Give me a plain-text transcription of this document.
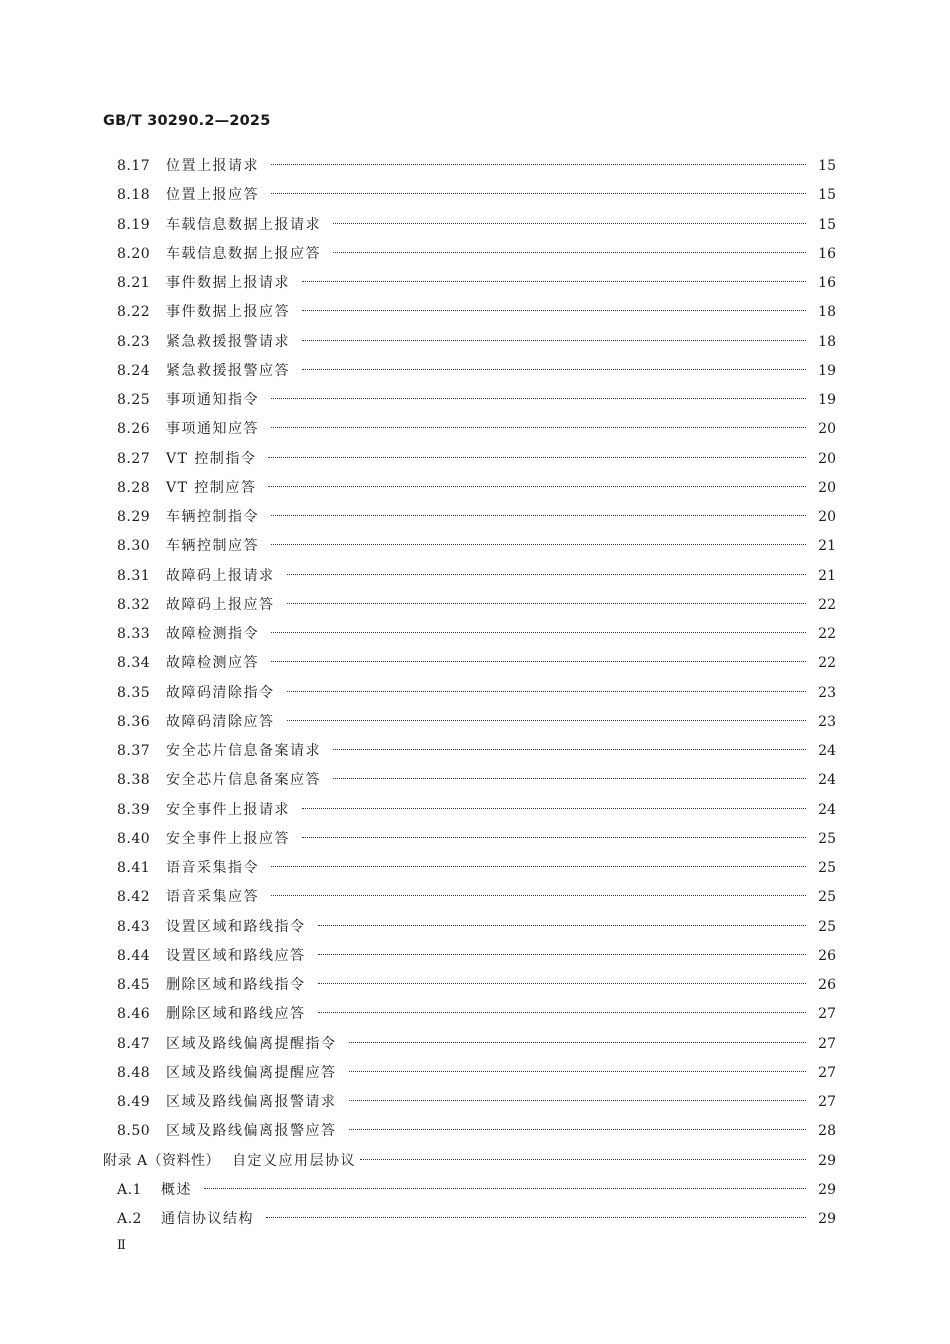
GB/T 30290.2—2025
8.17	位置上报请求	15
8.18	位置上报应答	15
8.19	车载信息数据上报请求	15
8.20	车载信息数据上报应答	16
8.21	事件数据上报请求	16
8.22	事件数据上报应答	18
8.23	紧急救援报警请求	18
8.24	紧急救援报警应答	19
8.25	事项通知指令	19
8.26	事项通知应答	20
8.27	VT 控制指令	20
8.28	VT 控制应答	20
8.29	车辆控制指令	20
8.30	车辆控制应答	21
8.31	故障码上报请求	21
8.32	故障码上报应答	22
8.33	故障检测指令	22
8.34	故障检测应答	22
8.35	故障码清除指令	23
8.36	故障码清除应答	23
8.37	安全芯片信息备案请求	24
8.38	安全芯片信息备案应答	24
8.39	安全事件上报请求	24
8.40	安全事件上报应答	25
8.41	语音采集指令	25
8.42	语音采集应答	25
8.43	设置区域和路线指令	25
8.44	设置区域和路线应答	26
8.45	删除区域和路线指令	26
8.46	删除区域和路线应答	27
8.47	区域及路线偏离提醒指令	27
8.48	区域及路线偏离提醒应答	27
8.49	区域及路线偏离报警请求	27
8.50	区域及路线偏离报警应答	28
附录 A（资料性） 自定义应用层协议	29
A.1	概述	29
A.2	通信协议结构	29
Ⅱ
